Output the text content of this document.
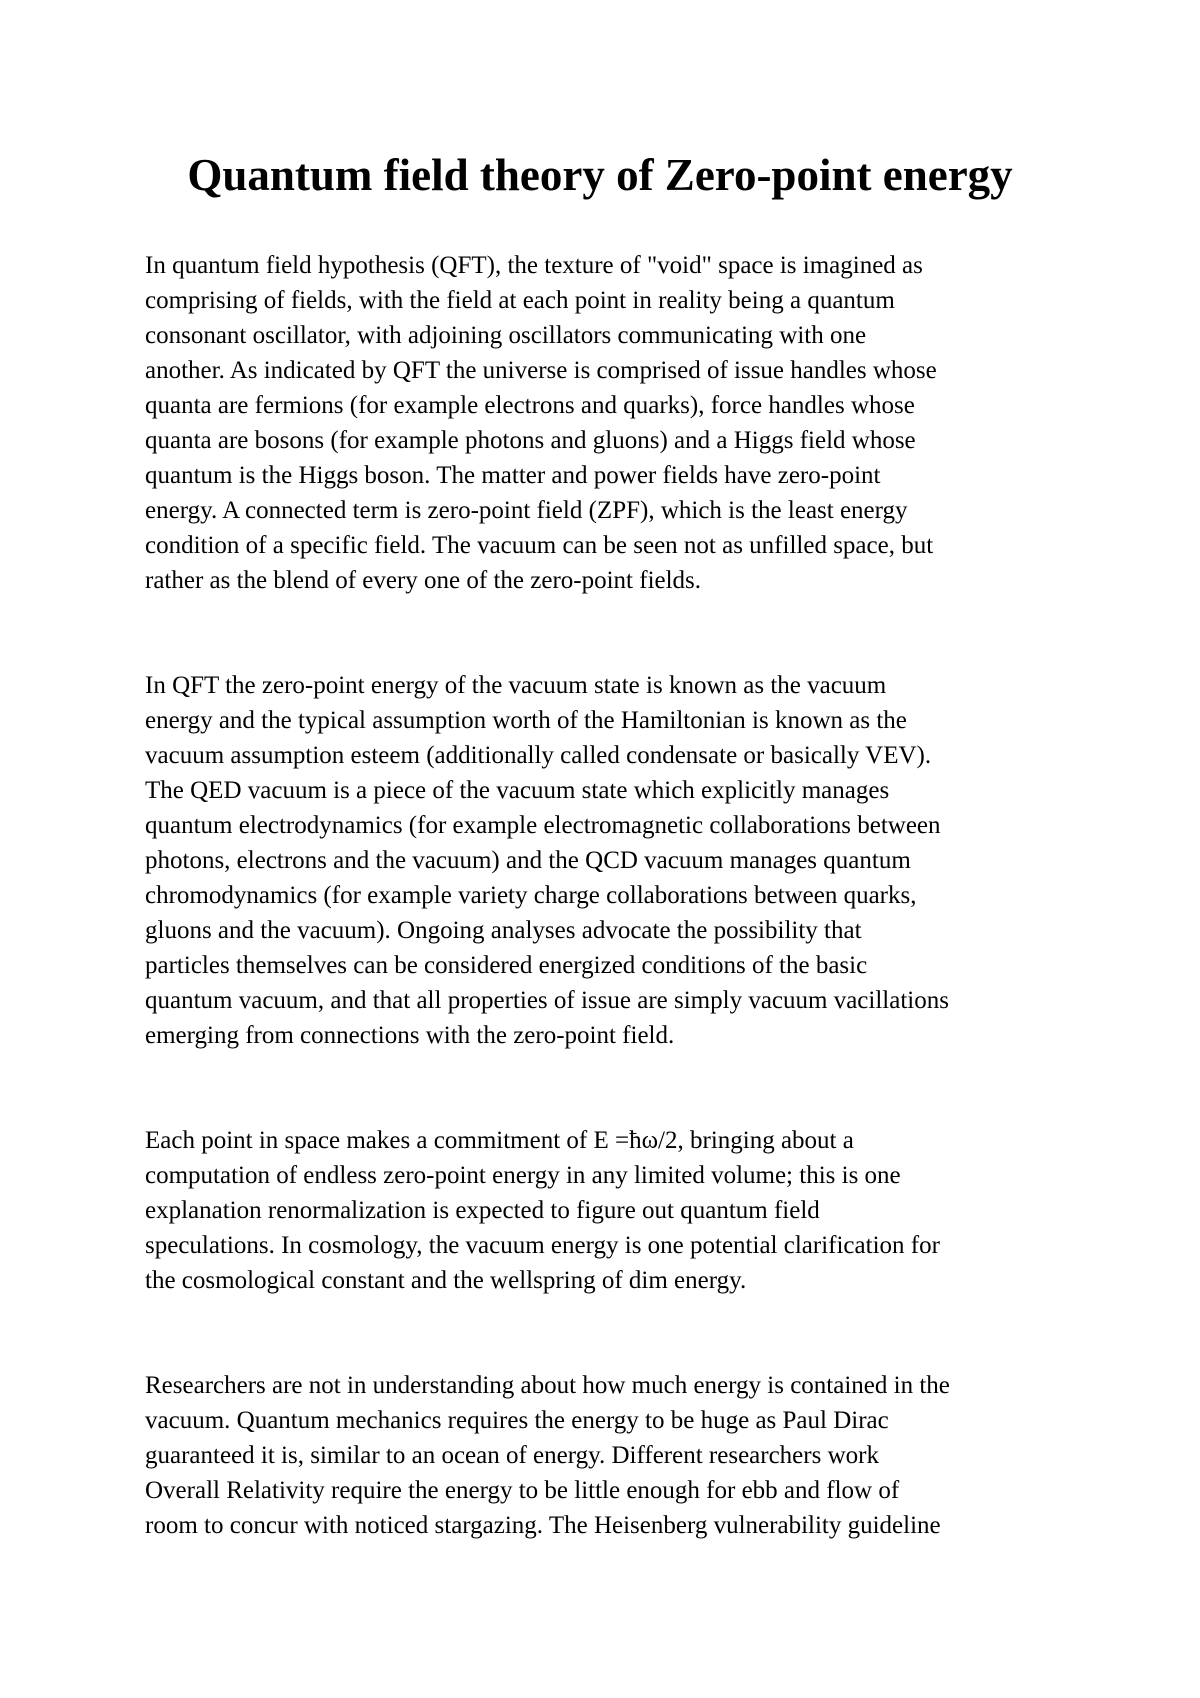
Quantum field theory of Zero-point energy

In quantum field hypothesis (QFT), the texture of "void" space is imagined as
comprising of fields, with the field at each point in reality being a quantum
consonant oscillator, with adjoining oscillators communicating with one
another. As indicated by QFT the universe is comprised of issue handles whose
quanta are fermions (for example electrons and quarks), force handles whose
quanta are bosons (for example photons and gluons) and a Higgs field whose
quantum is the Higgs boson. The matter and power fields have zero-point
energy. A connected term is zero-point field (ZPF), which is the least energy
condition of a specific field. The vacuum can be seen not as unfilled space, but
rather as the blend of every one of the zero-point fields.

In QFT the zero-point energy of the vacuum state is known as the vacuum
energy and the typical assumption worth of the Hamiltonian is known as the
vacuum assumption esteem (additionally called condensate or basically VEV).
The QED vacuum is a piece of the vacuum state which explicitly manages
quantum electrodynamics (for example electromagnetic collaborations between
photons, electrons and the vacuum) and the QCD vacuum manages quantum
chromodynamics (for example variety charge collaborations between quarks,
gluons and the vacuum). Ongoing analyses advocate the possibility that
particles themselves can be considered energized conditions of the basic
quantum vacuum, and that all properties of issue are simply vacuum vacillations
emerging from connections with the zero-point field.

Each point in space makes a commitment of E =ħω/2, bringing about a
computation of endless zero-point energy in any limited volume; this is one
explanation renormalization is expected to figure out quantum field
speculations. In cosmology, the vacuum energy is one potential clarification for
the cosmological constant and the wellspring of dim energy.

Researchers are not in understanding about how much energy is contained in the
vacuum. Quantum mechanics requires the energy to be huge as Paul Dirac
guaranteed it is, similar to an ocean of energy. Different researchers work
Overall Relativity require the energy to be little enough for ebb and flow of
room to concur with noticed stargazing. The Heisenberg vulnerability guideline
